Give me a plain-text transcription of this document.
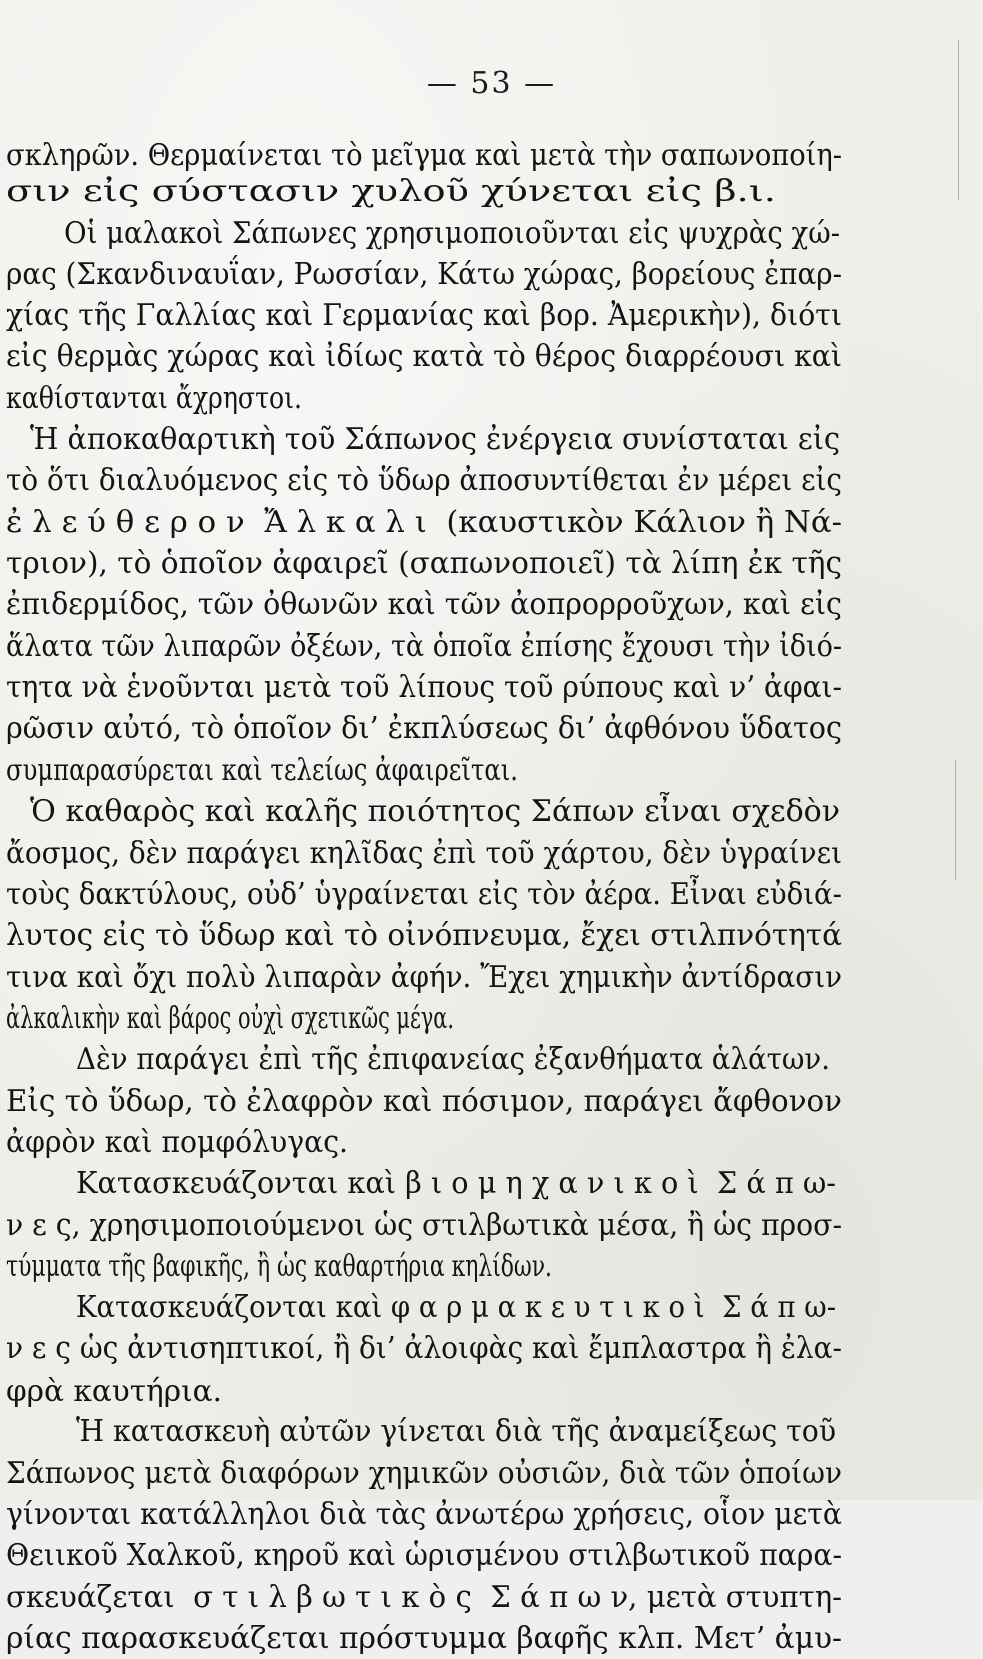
— 53 —
σκληρῶν. Θερμαίνεται τὸ μεῖγμα καὶ μετὰ τὴν σαπωνοποίη-
σιν εἰς σύστασιν χυλοῦ χύνεται εἰς β.ι.
Οἱ μαλακοὶ Σάπωνες χρησιμοποιοῦνται εἰς ψυχρὰς χώ-
ρας (Σκανδιναυΐαν, Ρωσσίαν, Κάτω χώρας, βορείους ἐπαρ-
χίας τῆς Γαλλίας καὶ Γερμανίας καὶ βορ. Ἀμερικὴν), διότι
εἰς θερμὰς χώρας καὶ ἰδίως κατὰ τὸ θέρος διαρρέουσι καὶ
καθίστανται ἄχρηστοι.
Ἡ ἀποκαθαρτικὴ τοῦ Σάπωνος ἐνέργεια συνίσταται εἰς
τὸ ὅτι διαλυόμενος εἰς τὸ ὕδωρ ἀποσυντίθεται ἐν μέρει εἰς
ἐ λ ε ύ θ ε ρ ο ν  Ἄ λ κ α λ ι  (καυστικὸν Κάλιον ἢ Νά-
τριον), τὸ ὁποῖον ἀφαιρεῖ (σαπωνοποιεῖ) τὰ λίπη ἐκ τῆς
ἐπιδερμίδος, τῶν ὀθωνῶν καὶ τῶν ἀοπρορροῦχων, καὶ εἰς
ἅλατα τῶν λιπαρῶν ὀξέων, τὰ ὁποῖα ἐπίσης ἔχουσι τὴν ἰδιό-
τητα νὰ ἑνοῦνται μετὰ τοῦ λίπους τοῦ ρύπους καὶ ν’ ἀφαι-
ρῶσιν αὐτό, τὸ ὁποῖον δι’ ἐκπλύσεως δι’ ἀφθόνου ὕδατος
συμπαρασύρεται καὶ τελείως ἀφαιρεῖται.
Ὁ καθαρὸς καὶ καλῆς ποιότητος Σάπων εἶναι σχεδὸν
ἄοσμος, δὲν παράγει κηλῖδας ἐπὶ τοῦ χάρτου, δὲν ὑγραίνει
τοὺς δακτύλους, οὐδ’ ὑγραίνεται εἰς τὸν ἀέρα. Εἶναι εὐδιά-
λυτος εἰς τὸ ὕδωρ καὶ τὸ οἰνόπνευμα, ἔχει στιλπνότητά
τινα καὶ ὄχι πολὺ λιπαρὰν ἀφήν. Ἔχει χημικὴν ἀντίδρασιν
ἀλκαλικὴν καὶ βάρος οὐχὶ σχετικῶς μέγα.
Δὲν παράγει ἐπὶ τῆς ἐπιφανείας ἐξανθήματα ἁλάτων.
Εἰς τὸ ὕδωρ, τὸ ἐλαφρὸν καὶ πόσιμον, παράγει ἄφθονον
ἀφρὸν καὶ πομφόλυγας.
Κατασκευάζονται καὶ β ι ο μ η χ α ν ι κ ο ὶ  Σ ά π ω-
ν ε ς, χρησιμοποιούμενοι ὡς στιλβωτικὰ μέσα, ἢ ὡς προσ-
τύμματα τῆς βαφικῆς, ἢ ὡς καθαρτήρια κηλίδων.
Κατασκευάζονται καὶ φ α ρ μ α κ ε υ τ ι κ ο ὶ  Σ ά π ω-
ν ε ς ὡς ἀντισηπτικοί, ἢ δι’ ἀλοιφὰς καὶ ἔμπλαστρα ἢ ἐλα-
φρὰ καυτήρια.
Ἡ κατασκευὴ αὐτῶν γίνεται διὰ τῆς ἀναμείξεως τοῦ
Σάπωνος μετὰ διαφόρων χημικῶν οὐσιῶν, διὰ τῶν ὁποίων
γίνονται κατάλληλοι διὰ τὰς ἀνωτέρω χρήσεις, οἷον μετὰ
Θειικοῦ Χαλκοῦ, κηροῦ καὶ ὡρισμένου στιλβωτικοῦ παρα-
σκευάζεται  σ τ ι λ β ω τ ι κ ὸ ς  Σ ά π ω ν, μετὰ στυπτη-
ρίας παρασκευάζεται πρόστυμμα βαφῆς κλπ. Μετ’ ἀμυ-
